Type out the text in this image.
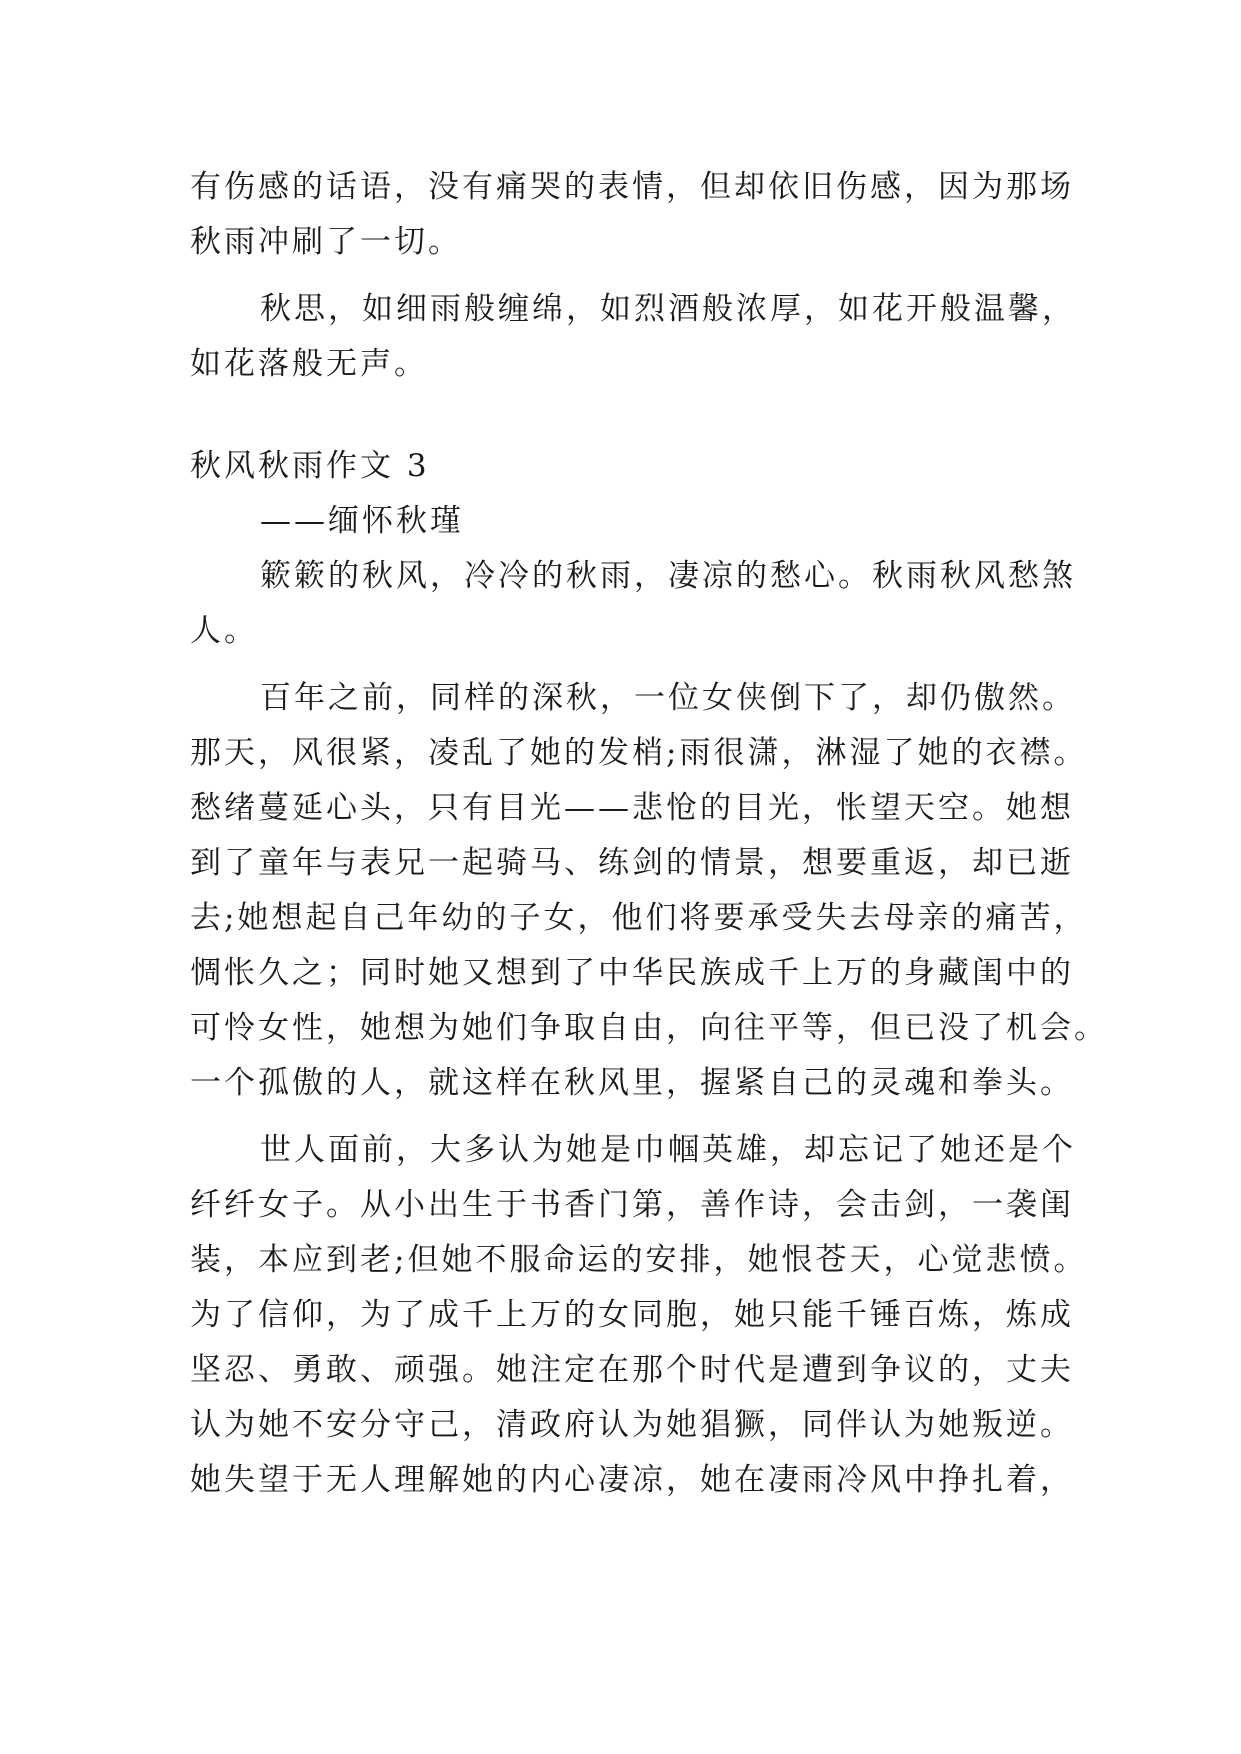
有伤感的话语，没有痛哭的表情，但却依旧伤感，因为那场
秋雨冲刷了一切。
秋思，如细雨般缠绵，如烈酒般浓厚，如花开般温馨，
如花落般无声。
秋风秋雨作文 3
——缅怀秋瑾
簌簌的秋风，冷冷的秋雨，凄凉的愁心。秋雨秋风愁煞
人。
百年之前，同样的深秋，一位女侠倒下了，却仍傲然。
那天，风很紧，凌乱了她的发梢;雨很潇，淋湿了她的衣襟。
愁绪蔓延心头，只有目光——悲怆的目光，怅望天空。她想
到了童年与表兄一起骑马、练剑的情景，想要重返，却已逝
去;她想起自己年幼的子女，他们将要承受失去母亲的痛苦，
惆怅久之；同时她又想到了中华民族成千上万的身藏闺中的
可怜女性，她想为她们争取自由，向往平等，但已没了机会。
一个孤傲的人，就这样在秋风里，握紧自己的灵魂和拳头。
世人面前，大多认为她是巾帼英雄，却忘记了她还是个
纤纤女子。从小出生于书香门第，善作诗，会击剑，一袭闺
装，本应到老;但她不服命运的安排，她恨苍天，心觉悲愤。
为了信仰，为了成千上万的女同胞，她只能千锤百炼，炼成
坚忍、勇敢、顽强。她注定在那个时代是遭到争议的，丈夫
认为她不安分守己，清政府认为她猖獗，同伴认为她叛逆。
她失望于无人理解她的内心凄凉，她在凄雨冷风中挣扎着，
